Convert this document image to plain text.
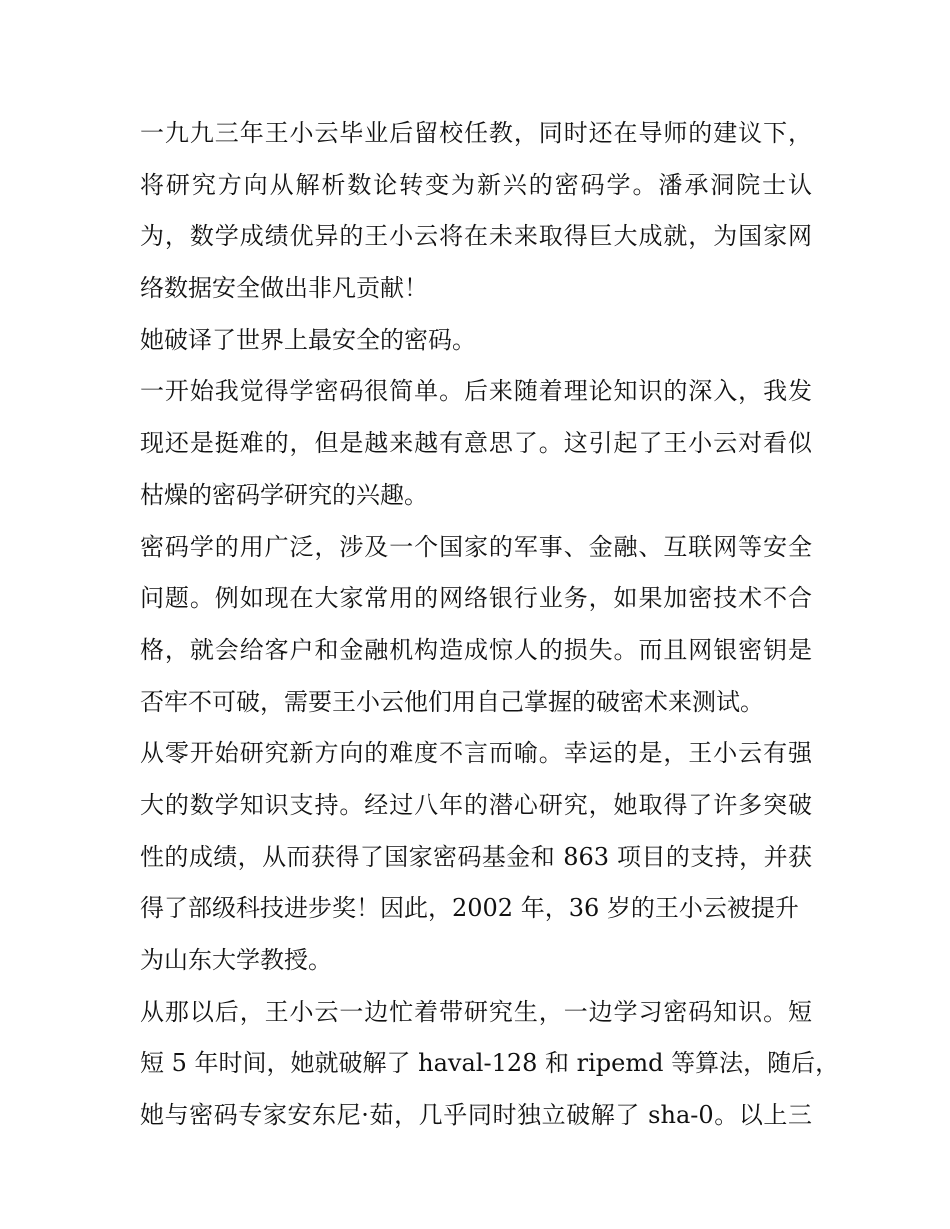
一九九三年王小云毕业后留校任教，同时还在导师的建议下，
将研究方向从解析数论转变为新兴的密码学。潘承洞院士认
为，数学成绩优异的王小云将在未来取得巨大成就，为国家网
络数据安全做出非凡贡献！

她破译了世界上最安全的密码。

一开始我觉得学密码很简单。后来随着理论知识的深入，我发
现还是挺难的，但是越来越有意思了。这引起了王小云对看似
枯燥的密码学研究的兴趣。

密码学的用广泛，涉及一个国家的军事、金融、互联网等安全
问题。例如现在大家常用的网络银行业务，如果加密技术不合
格，就会给客户和金融机构造成惊人的损失。而且网银密钥是
否牢不可破，需要王小云他们用自己掌握的破密术来测试。

从零开始研究新方向的难度不言而喻。幸运的是，王小云有强
大的数学知识支持。经过八年的潜心研究，她取得了许多突破
性的成绩，从而获得了国家密码基金和 863 项目的支持，并获
得了部级科技进步奖！因此，2002 年，36 岁的王小云被提升
为山东大学教授。

从那以后，王小云一边忙着带研究生，一边学习密码知识。短
短 5 年时间，她就破解了 haval-128 和 ripemd 等算法，随后，
她与密码专家安东尼·茹，几乎同时独立破解了 sha-0。以上三
